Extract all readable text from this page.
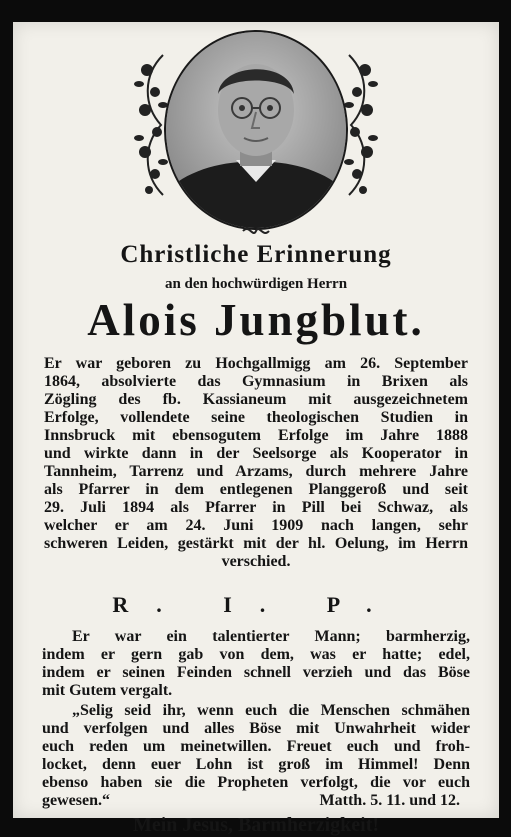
Christliche Erinnerung
an den hochwürdigen Herrn
Alois Jungblut.
Er war geboren zu Hochgallmigg am 26. September
1864, absolvierte das Gymnasium in Brixen als
Zögling des fb. Kassianeum mit ausgezeichnetem
Erfolge, vollendete seine theologischen Studien in
Innsbruck mit ebensogutem Erfolge im Jahre 1888
und wirkte dann in der Seelsorge als Kooperator in
Tannheim, Tarrenz und Arzams, durch mehrere Jahre
als Pfarrer in dem entlegenen Planggeroß und seit
29. Juli 1894 als Pfarrer in Pill bei Schwaz, als
welcher er am 24. Juni 1909 nach langen, sehr
schweren Leiden, gestärkt mit der hl. Oelung, im Herrn
verschied.
R. I. P.
Er war ein talentierter Mann; barmherzig,
indem er gern gab von dem, was er hatte; edel,
indem er seinen Feinden schnell verzieh und das Böse
mit Gutem vergalt.
„Selig seid ihr, wenn euch die Menschen schmähen
und verfolgen und alles Böse mit Unwahrheit wider
euch reden um meinetwillen. Freuet euch und froh-
locket, denn euer Lohn ist groß im Himmel! Denn
ebenso haben sie die Propheten verfolgt, die vor euch
gewesen.“	Matth. 5. 11. und 12.
Mein Jesus, Barmherzigkeit!
